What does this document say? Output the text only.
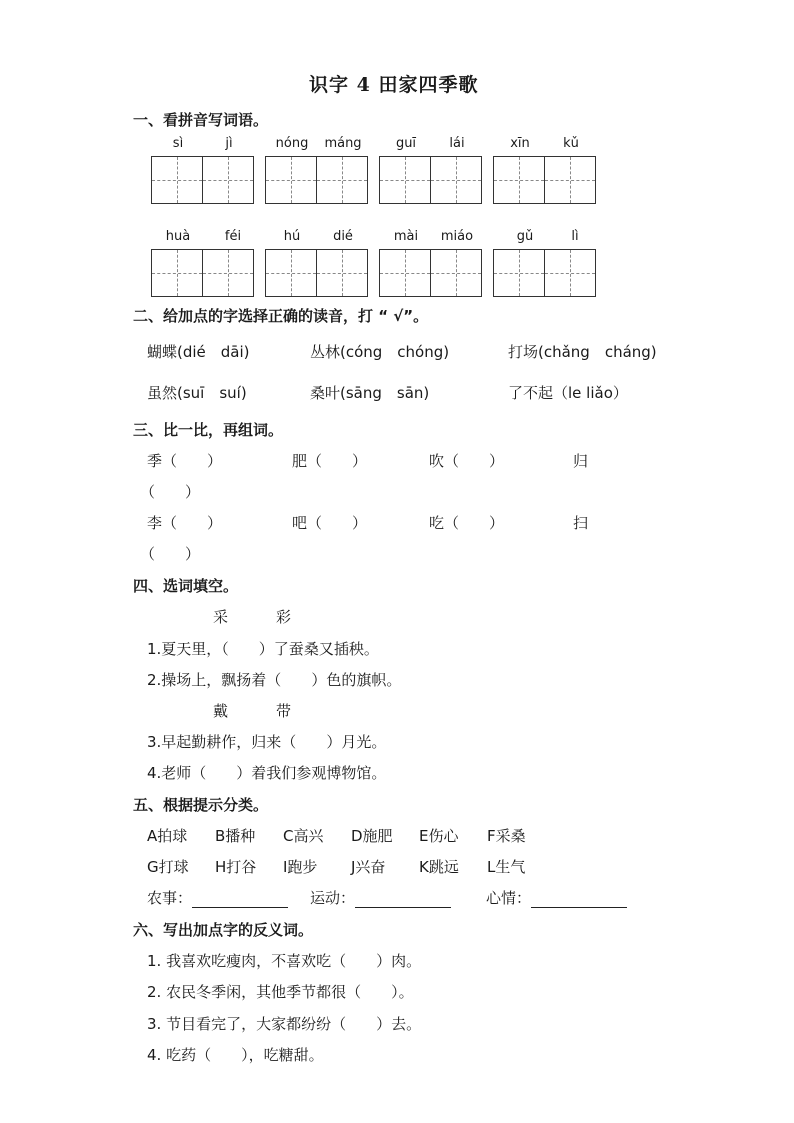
识字 4 田家四季歌
一、看拼音写词语。
sì	jì	nóng	máng	guī	lái	xīn	kǔ
huà	féi	hú	dié	mài	miáo	gǔ	lì
二、给加点的字选择正确的读音，打 “ √”。
蝴蝶(dié　dāi)	丛林(cóng　chóng)	打场(chǎng　cháng)
虽然(suī　suí)	桑叶(sāng　sān)	了不起（le liǎo）
三、比一比，再组词。
季（　　）	肥（　　）	吹（　　）	归
（　　）
李（　　）	吧（　　）	吃（　　）	扫
（　　）
四、选词填空。
采	彩
1.夏天里，（　　）了蚕桑又插秧。
2.操场上，飘扬着（　　）色的旗帜。
戴	带
3.早起勤耕作，归来（　　）月光。
4.老师（　　）着我们参观博物馆。
五、根据提示分类。
A拍球 B播种 C高兴 D施肥 E伤心 F采桑
G打球 H打谷 I跑步 J兴奋 K跳远 L生气
农事：	运动：	心情：
六、写出加点字的反义词。
1. 我喜欢吃瘦肉，不喜欢吃（　　）肉。
2. 农民冬季闲，其他季节都很（　　）。
3. 节目看完了，大家都纷纷（　　）去。
4. 吃药（　　），吃糖甜。
